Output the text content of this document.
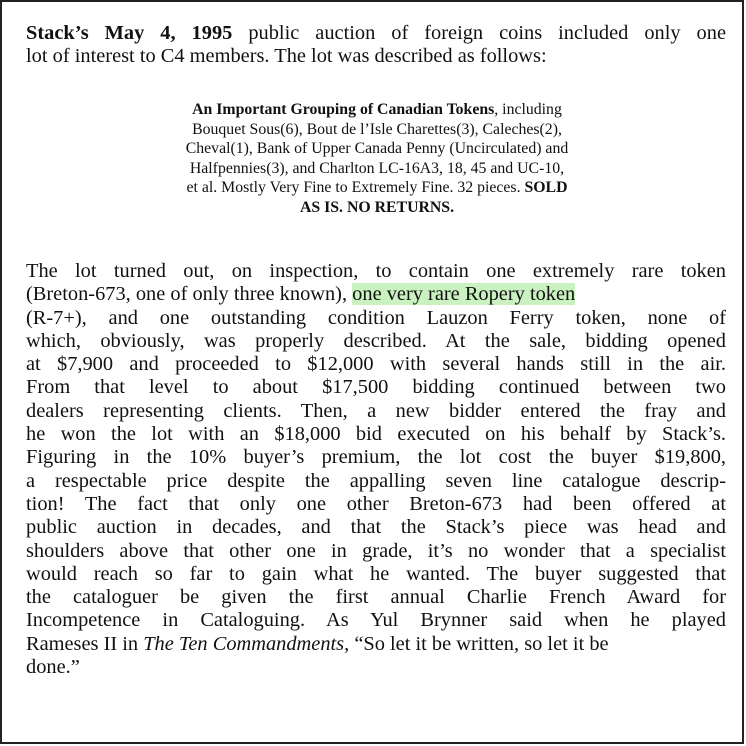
Stack’s May 4, 1995 public auction of foreign coins included only one
lot of interest to C4 members. The lot was described as follows:
An Important Grouping of Canadian Tokens, including
Bouquet Sous(6), Bout de l’Isle Charettes(3), Caleches(2),
Cheval(1), Bank of Upper Canada Penny (Uncirculated) and
Halfpennies(3), and Charlton LC-16A3, 18, 45 and UC-10,
et al. Mostly Very Fine to Extremely Fine. 32 pieces. SOLD
AS IS. NO RETURNS.
The lot turned out, on inspection, to contain one extremely rare token
(Breton-673, one of only three known), one very rare Ropery token
(R-7+), and one outstanding condition Lauzon Ferry token, none of
which, obviously, was properly described. At the sale, bidding opened
at $7,900 and proceeded to $12,000 with several hands still in the air.
From that level to about $17,500 bidding continued between two
dealers representing clients. Then, a new bidder entered the fray and
he won the lot with an $18,000 bid executed on his behalf by Stack’s.
Figuring in the 10% buyer’s premium, the lot cost the buyer $19,800,
a respectable price despite the appalling seven line catalogue descrip-
tion! The fact that only one other Breton-673 had been offered at
public auction in decades, and that the Stack’s piece was head and
shoulders above that other one in grade, it’s no wonder that a specialist
would reach so far to gain what he wanted. The buyer suggested that
the cataloguer be given the first annual Charlie French Award for
Incompetence in Cataloguing. As Yul Brynner said when he played
Rameses II in The Ten Commandments, “So let it be written, so let it be
done.”
